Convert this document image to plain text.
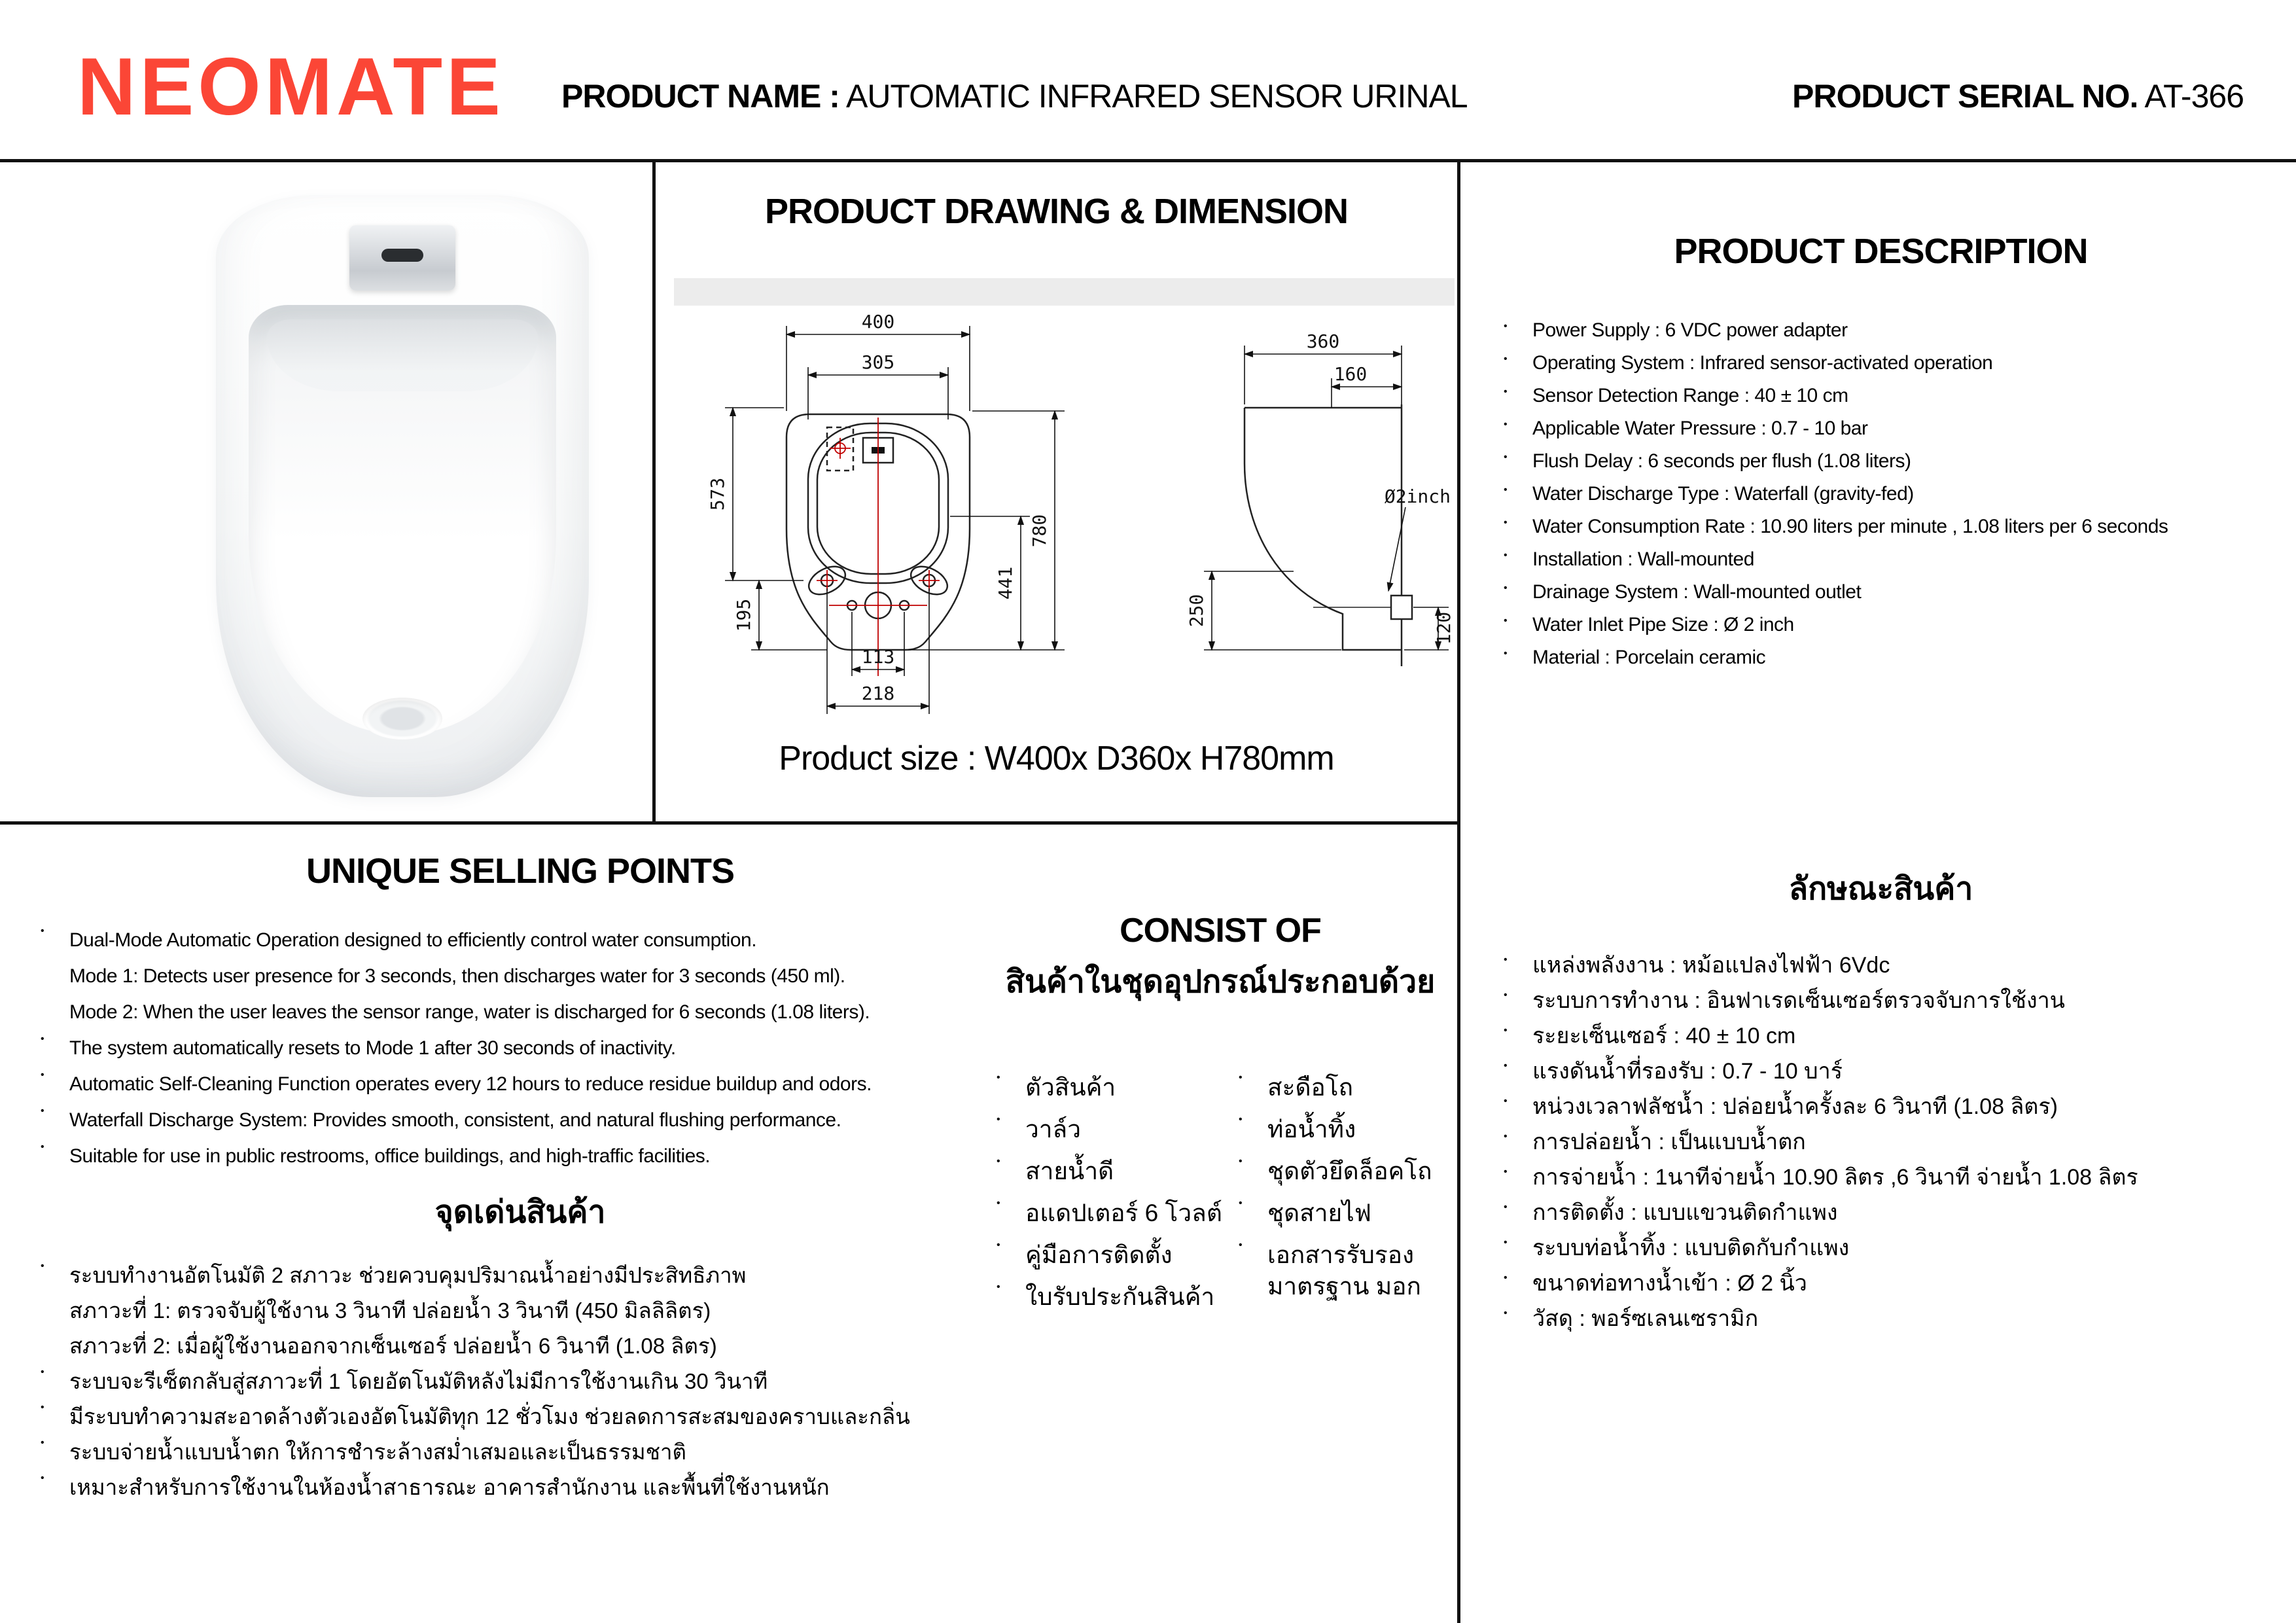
NEOMATE PRODUCT NAME : AUTOMATIC INFRARED SENSOR URINAL	PRODUCT SERIAL NO. AT-366
PRODUCT DRAWING & DIMENSION
400
305
573
195
780
441
113
218
360
160
250
120
Ø2inch
Product size : W400x D360x H780mm
PRODUCT DESCRIPTION
•
Power Supply : 6 VDC power adapter
•
Operating System : Infrared sensor-activated operation
•
Sensor Detection Range : 40 ± 10 cm
•
Applicable Water Pressure : 0.7 - 10 bar
•
Flush Delay : 6 seconds per flush (1.08 liters)
•
Water Discharge Type : Waterfall (gravity-fed)
•
Water Consumption Rate : 10.90 liters per minute , 1.08 liters per 6 seconds
•
Installation : Wall-mounted
•
Drainage System : Wall-mounted outlet
•
Water Inlet Pipe Size : Ø 2 inch
•
Material : Porcelain ceramic
ลักษณะสินค้า
•
แหล่งพลังงาน : หม้อแปลงไฟฟ้า 6Vdc
•
ระบบการทำงาน : อินฟาเรดเซ็นเซอร์ตรวจจับการใช้งาน
•
ระยะเซ็นเซอร์ : 40 ± 10 cm
•
แรงดันน้ำที่รองรับ : 0.7 - 10 บาร์
•
หน่วงเวลาฟลัชน้ำ : ปล่อยน้ำครั้งละ 6 วินาที (1.08 ลิตร)
•
การปล่อยน้ำ : เป็นแบบน้ำตก
•
การจ่ายน้ำ : 1นาทีจ่ายน้ำ 10.90 ลิตร ,6 วินาที จ่ายน้ำ 1.08 ลิตร
•
การติดตั้ง : แบบแขวนติดกำแพง
•
ระบบท่อน้ำทิ้ง : แบบติดกับกำแพง
•
ขนาดท่อทางน้ำเข้า : Ø 2 นิ้ว
•
วัสดุ : พอร์ซเลนเซรามิก
UNIQUE SELLING POINTS
•
Dual-Mode Automatic Operation designed to efficiently control water consumption.
Mode 1: Detects user presence for 3 seconds, then discharges water for 3 seconds (450 ml).
Mode 2: When the user leaves the sensor range, water is discharged for 6 seconds (1.08 liters).
•
The system automatically resets to Mode 1 after 30 seconds of inactivity.
•
Automatic Self-Cleaning Function operates every 12 hours to reduce residue buildup and odors.
•
Waterfall Discharge System: Provides smooth, consistent, and natural flushing performance.
•
Suitable for use in public restrooms, office buildings, and high-traffic facilities.
จุดเด่นสินค้า
•
ระบบทำงานอัตโนมัติ 2 สภาวะ ช่วยควบคุมปริมาณน้ำอย่างมีประสิทธิภาพ
สภาวะที่ 1: ตรวจจับผู้ใช้งาน 3 วินาที ปล่อยน้ำ 3 วินาที (450 มิลลิลิตร)
สภาวะที่ 2: เมื่อผู้ใช้งานออกจากเซ็นเซอร์ ปล่อยน้ำ 6 วินาที (1.08 ลิตร)
•
ระบบจะรีเซ็ตกลับสู่สภาวะที่ 1 โดยอัตโนมัติหลังไม่มีการใช้งานเกิน 30 วินาที
•
มีระบบทำความสะอาดล้างตัวเองอัตโนมัติทุก 12 ชั่วโมง ช่วยลดการสะสมของคราบและกลิ่น
•
ระบบจ่ายน้ำแบบน้ำตก ให้การชำระล้างสม่ำเสมอและเป็นธรรมชาติ
•
เหมาะสำหรับการใช้งานในห้องน้ำสาธารณะ อาคารสำนักงาน และพื้นที่ใช้งานหนัก
CONSIST OF
สินค้าในชุดอุปกรณ์ประกอบด้วย
•
ตัวสินค้า
•
วาล์ว
•
สายน้ำดี
•
อแดปเตอร์ 6 โวลต์
•
คู่มือการติดตั้ง
•
ใบรับประกันสินค้า
•
สะดือโถ
•
ท่อน้ำทิ้ง
•
ชุดตัวยึดล็อคโถ
•
ชุดสายไฟ
•
เอกสารรับรอง มาตรฐาน มอก
